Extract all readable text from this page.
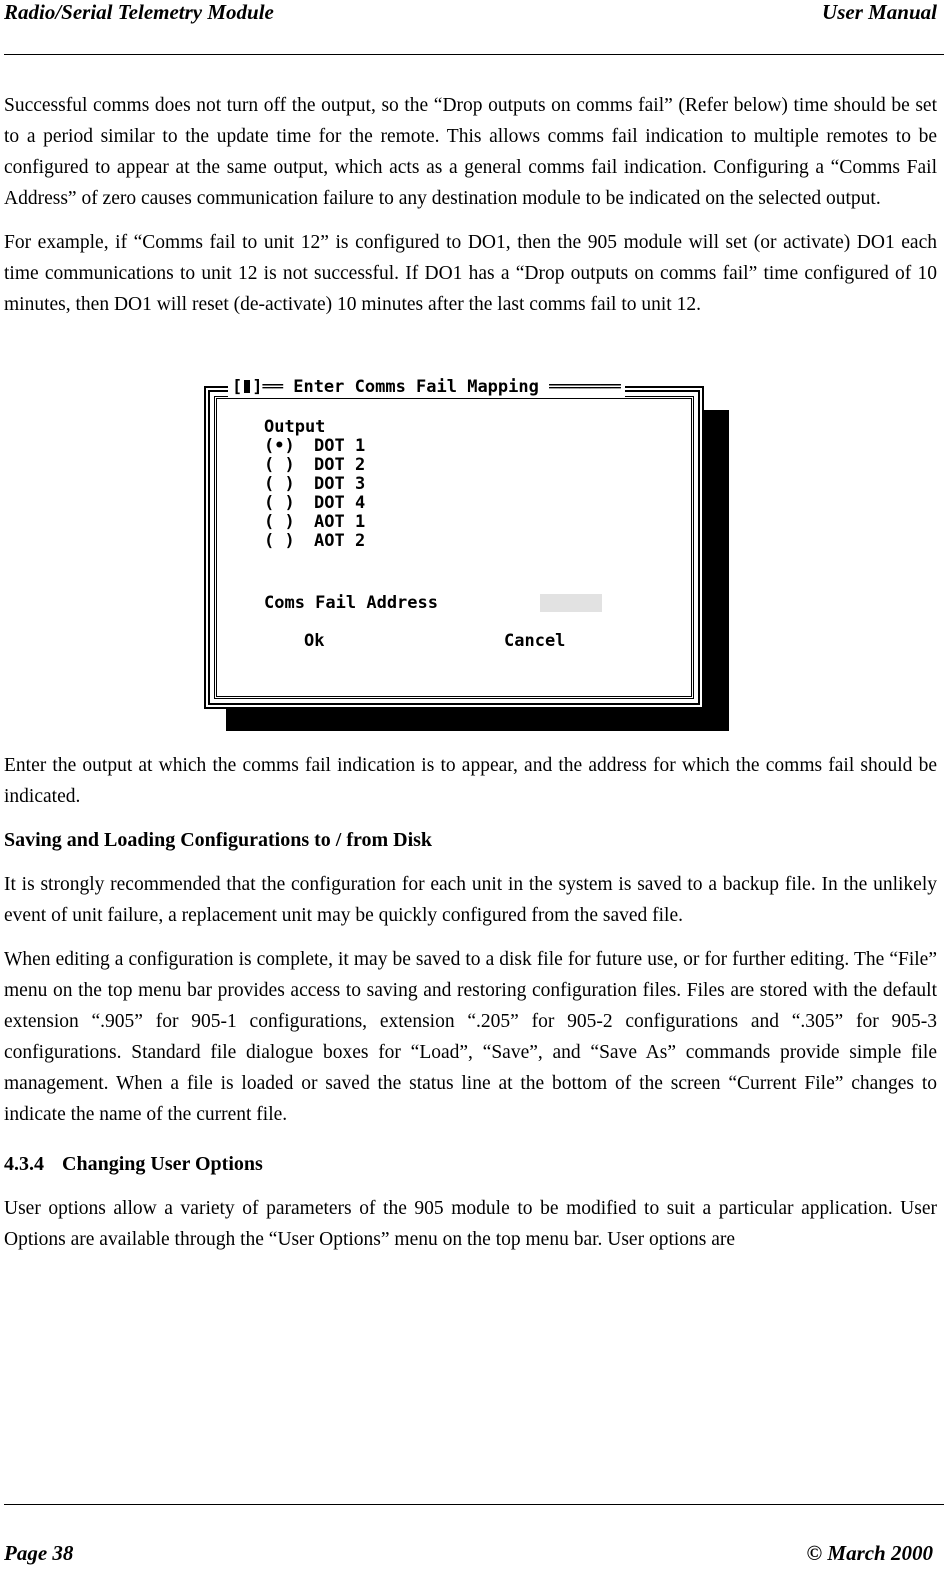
Radio/Serial Telemetry Module	User Manual

Successful comms does not turn off the output, so the “Drop outputs on comms fail” (Refer below) time should be set to a period similar to the update time for the remote. This allows comms fail indication to multiple remotes to be configured to appear at the same output, which acts as a general comms fail indication. Configuring a “Comms Fail Address” of zero causes communication failure to any destination module to be indicated on the selected output.

For example, if “Comms fail to unit 12” is configured to DO1, then the 905 module will set (or activate) DO1 each time communications to unit 12 is not successful. If DO1 has a “Drop outputs on comms fail” time configured of 10 minutes, then DO1 will reset (de-activate) 10 minutes after the last comms fail to unit 12.

[ ]══ Enter Comms Fail Mapping ═══════
Output
(•) DOT 1
( ) DOT 2
( ) DOT 3
( ) DOT 4
( ) AOT 1
( ) AOT 2
Coms Fail Address
Ok	Cancel

Enter the output at which the comms fail indication is to appear, and the address for which the comms fail should be indicated.

Saving and Loading Configurations to / from Disk

It is strongly recommended that the configuration for each unit in the system is saved to a backup file. In the unlikely event of unit failure, a replacement unit may be quickly configured from the saved file.

When editing a configuration is complete, it may be saved to a disk file for future use, or for further editing. The “File” menu on the top menu bar provides access to saving and restoring configuration files. Files are stored with the default extension “.905” for 905-1 configurations, extension “.205” for 905-2 configurations and “.305” for 905-3 configurations. Standard file dialogue boxes for “Load”, “Save”, and “Save As” commands provide simple file management. When a file is loaded or saved the status line at the bottom of the screen “Current File” changes to indicate the name of the current file.

4.3.4 Changing User Options

User options allow a variety of parameters of the 905 module to be modified to suit a particular application. User Options are available through the “User Options” menu on the top menu bar. User options are

Page 38	© March 2000
